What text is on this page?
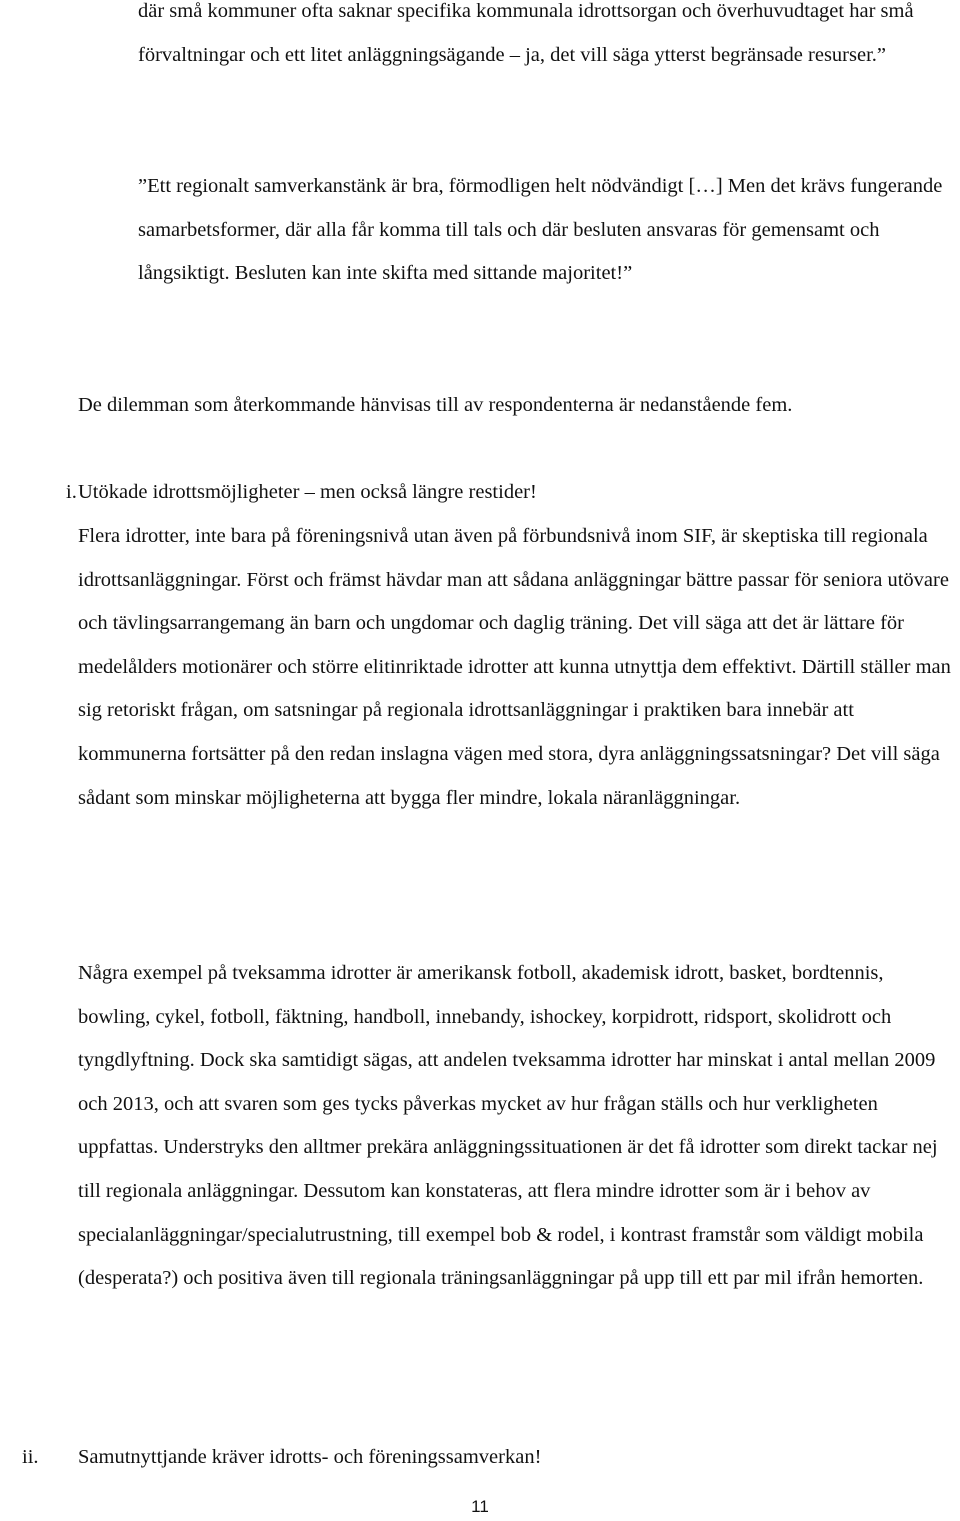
där små kommuner ofta saknar specifika kommunala idrottsorgan och överhuvudtaget har små förvaltningar och ett litet anläggningsägande – ja, det vill säga ytterst begränsade resurser.”

”Ett regionalt samverkanstänk är bra, förmodligen helt nödvändigt […] Men det krävs fungerande samarbetsformer, där alla får komma till tals och där besluten ansvaras för gemensamt och långsiktigt. Besluten kan inte skifta med sittande majoritet!”

De dilemman som återkommande hänvisas till av respondenterna är nedanstående fem.

i. Utökade idrottsmöjligheter – men också längre restider!

Flera idrotter, inte bara på föreningsnivå utan även på förbundsnivå inom SIF, är skeptiska till regionala idrottsanläggningar. Först och främst hävdar man att sådana anläggningar bättre passar för seniora utövare och tävlingsarrangemang än barn och ungdomar och daglig träning. Det vill säga att det är lättare för medelålders motionärer och större elitinriktade idrotter att kunna utnyttja dem effektivt. Därtill ställer man sig retoriskt frågan, om satsningar på regionala idrottsanläggningar i praktiken bara innebär att kommunerna fortsätter på den redan inslagna vägen med stora, dyra anläggningssatsningar? Det vill säga sådant som minskar möjligheterna att bygga fler mindre, lokala näranläggningar.

Några exempel på tveksamma idrotter är amerikansk fotboll, akademisk idrott, basket, bordtennis, bowling, cykel, fotboll, fäktning, handboll, innebandy, ishockey, korpidrott, ridsport, skolidrott och tyngdlyftning. Dock ska samtidigt sägas, att andelen tveksamma idrotter har minskat i antal mellan 2009 och 2013, och att svaren som ges tycks påverkas mycket av hur frågan ställs och hur verkligheten uppfattas. Understryks den alltmer prekära anläggningssituationen är det få idrotter som direkt tackar nej till regionala anläggningar. Dessutom kan konstateras, att flera mindre idrotter som är i behov av specialanläggningar/specialutrustning, till exempel bob & rodel, i kontrast framstår som väldigt mobila (desperata?) och positiva även till regionala träningsanläggningar på upp till ett par mil ifrån hemorten.

ii. Samutnyttjande kräver idrotts- och föreningssamverkan!
11
